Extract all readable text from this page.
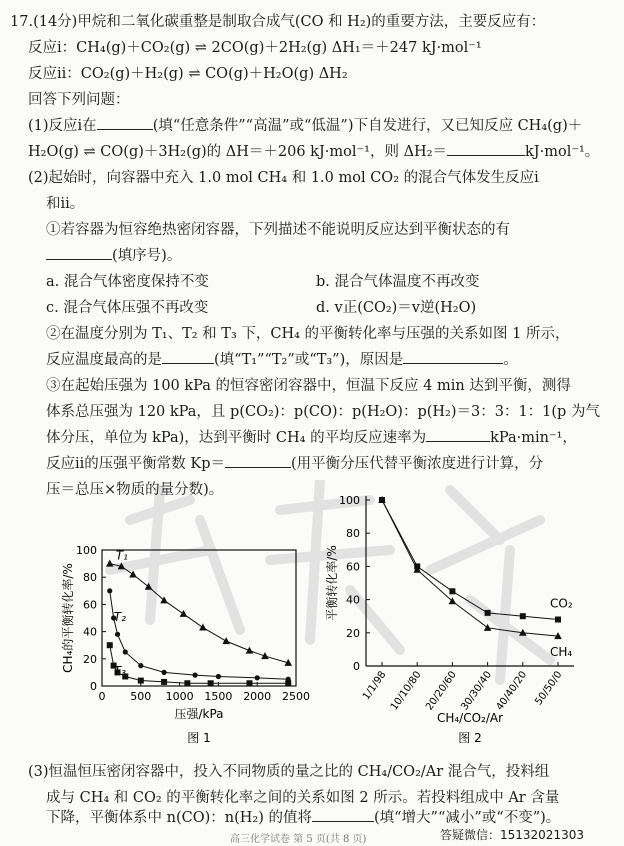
17.(14分)甲烷和二氧化碳重整是制取合成气(CO 和 H₂)的重要方法，主要反应有：
反应ⅰ：CH₄(g)＋CO₂(g) ⇌ 2CO(g)＋2H₂(g) ΔH₁＝＋247 kJ·mol⁻¹
反应ⅱ：CO₂(g)＋H₂(g) ⇌ CO(g)＋H₂O(g) ΔH₂
回答下列问题：
(1)反应ⅰ在	(填“任意条件”“高温”或“低温”)下自发进行，又已知反应 CH₄(g)＋
H₂O(g) ⇌ CO(g)＋3H₂(g)的 ΔH＝＋206 kJ·mol⁻¹，则 ΔH₂＝	kJ·mol⁻¹。
(2)起始时，向容器中充入 1.0 mol CH₄ 和 1.0 mol CO₂ 的混合气体发生反应ⅰ
和ⅱ。
①若容器为恒容绝热密闭容器，下列描述不能说明反应达到平衡状态的有
(填序号)。
a. 混合气体密度保持不变	b. 混合气体温度不再改变
c. 混合气体压强不再改变	d. v正(CO₂)＝v逆(H₂O)
②在温度分别为 T₁、T₂ 和 T₃ 下，CH₄ 的平衡转化率与压强的关系如图 1 所示，
反应温度最高的是	(填“T₁”“T₂”或“T₃”)，原因是	。
③在起始压强为 100 kPa 的恒容密闭容器中，恒温下反应 4 min 达到平衡，测得
体系总压强为 120 kPa，且 p(CO₂)：p(CO)：p(H₂O)：p(H₂)＝3：3：1：1(p 为气
体分压，单位为 kPa)，达到平衡时 CH₄ 的平均反应速率为	kPa·min⁻¹，
反应ⅱ的压强平衡常数 Kp＝	(用平衡分压代替平衡浓度进行计算，分
压＝总压×物质的量分数)。
0
20
40
60
80
100
0 500 1000 1500 2000 2500
压强/kPa
CH₄的平衡转化率/%
图 1
T₁
T₂
T₃	0
20
40
60
80
100
1/1/98 10/10/80 20/20/60 30/30/40 40/40/20 50/50/0
CH₄/CO₂/Ar
平衡转化率/%
图 2
CO₂
CH₄
(3)恒温恒压密闭容器中，投入不同物质的量之比的 CH₄/CO₂/Ar 混合气，投料组
成与 CH₄ 和 CO₂ 的平衡转化率之间的关系如图 2 所示。若投料组成中 Ar 含量
下降，平衡体系中 n(CO)：n(H₂) 的值将	(填“增大”“减小”或“不变”)。
高三化学试卷 第 5 页(共 8 页)	答疑微信：15132021303
